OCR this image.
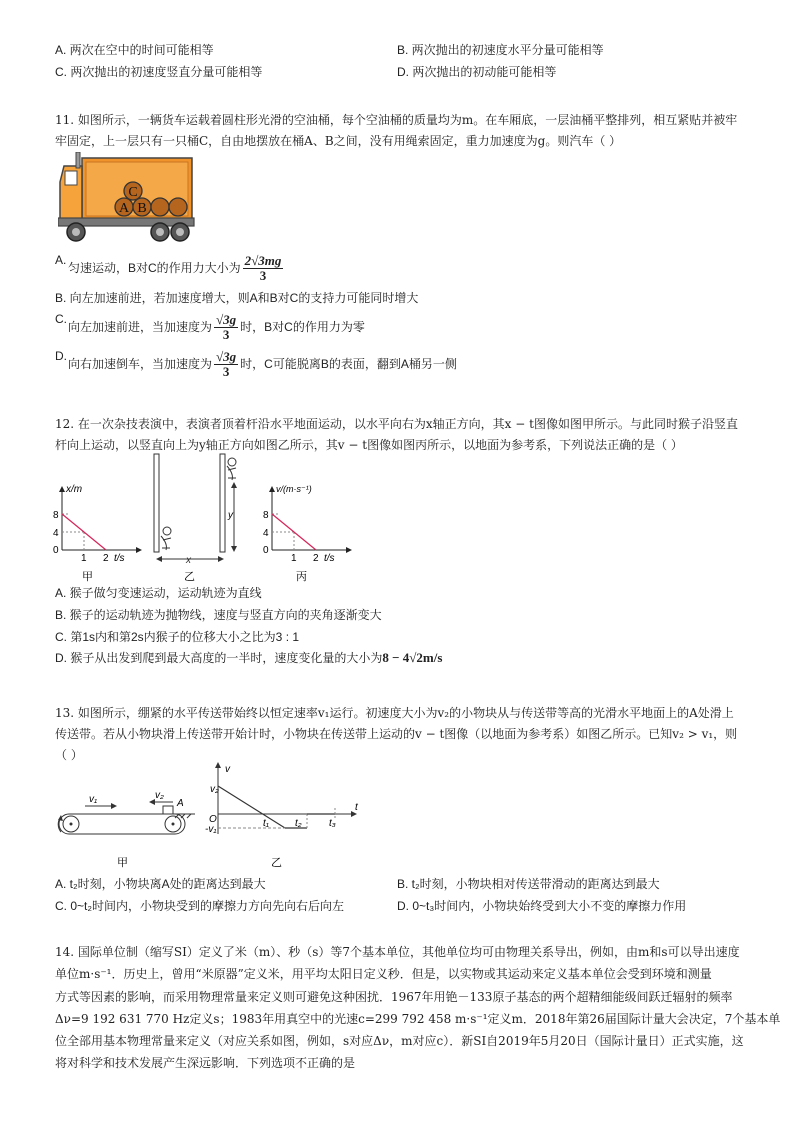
A. 两次在空中的时间可能相等	B. 两次抛出的初速度水平分量可能相等
C. 两次抛出的初速度竖直分量可能相等	D. 两次抛出的初动能可能相等
11. 如图所示，一辆货车运载着圆柱形光滑的空油桶，每个空油桶的质量均为m。在车厢底，一层油桶平整排列，相互紧贴并被牢
牢固定，上一层只有一只桶C，自由地摆放在桶A、B之间，没有用绳索固定，重力加速度为g。则汽车（ ）
A B
C
A.
匀速运动，B对C的作用力大小为 $\frac{2√3mg}{3}$
B. 向左加速前进，若加速度增大，则A和B对C的支持力可能同时增大
C.
向左加速前进，当加速度为 $\frac{√3g}{3}$ 时，B对C的作用力为零
D.
向右加速倒车，当加速度为 $\frac{√3g}{3}$ 时，C可能脱离B的表面，翻到A桶另一侧
12. 在一次杂技表演中，表演者顶着杆沿水平地面运动，以水平向右为x轴正方向，其x − t图像如图甲所示。与此同时猴子沿竖直
杆向上运动，以竖直向上为y轴正方向如图乙所示，其v − t图像如图丙所示，以地面为参考系，下列说法正确的是（ ）
x/m
t/s
8
4
0
1 2
甲
y
x
乙
v/(m·s⁻¹)
t/s
8
4
0
1 2
丙
A. 猴子做匀变速运动，运动轨迹为直线
B. 猴子的运动轨迹为抛物线，速度与竖直方向的夹角逐渐变大
C. 第1s内和第2s内猴子的位移大小之比为3 : 1
D. 猴子从出发到爬到最大高度的一半时，速度变化量的大小为8 − 4√2m/s
13. 如图所示，绷紧的水平传送带始终以恒定速率v₁运行。初速度大小为v₂的小物块从与传送带等高的光滑水平地面上的A处滑上
传送带。若从小物块滑上传送带开始计时，小物块在传送带上运动的v − t图像（以地面为参考系）如图乙所示。已知v₂ > v₁，则
（ ）
v₁	v₂
A
甲
v
t
O
v₂
-v₁
t₁	t₂	t₃
乙
A. t₂时刻，小物块离A处的距离达到最大	B. t₂时刻，小物块相对传送带滑动的距离达到最大
C. 0~t₂时间内，小物块受到的摩擦力方向先向右后向左	D. 0~t₃时间内，小物块始终受到大小不变的摩擦力作用
14. 国际单位制（缩写SI）定义了米（m）、秒（s）等7个基本单位，其他单位均可由物理关系导出，例如，由m和s可以导出速度
单位m·s⁻¹．历史上，曾用“米原器”定义米，用平均太阳日定义秒．但是，以实物或其运动来定义基本单位会受到环境和测量
方式等因素的影响，而采用物理常量来定义则可避免这种困扰．1967年用铯－133原子基态的两个超精细能级间跃迁辐射的频率
Δν=9 192 631 770 Hz定义s；1983年用真空中的光速c=299 792 458 m·s⁻¹定义m．2018年第26届国际计量大会决定，7个基本单
位全部用基本物理常量来定义（对应关系如图，例如，s对应Δν，m对应c）．新SI自2019年5月20日（国际计量日）正式实施，这
将对科学和技术发展产生深远影响．下列选项不正确的是
